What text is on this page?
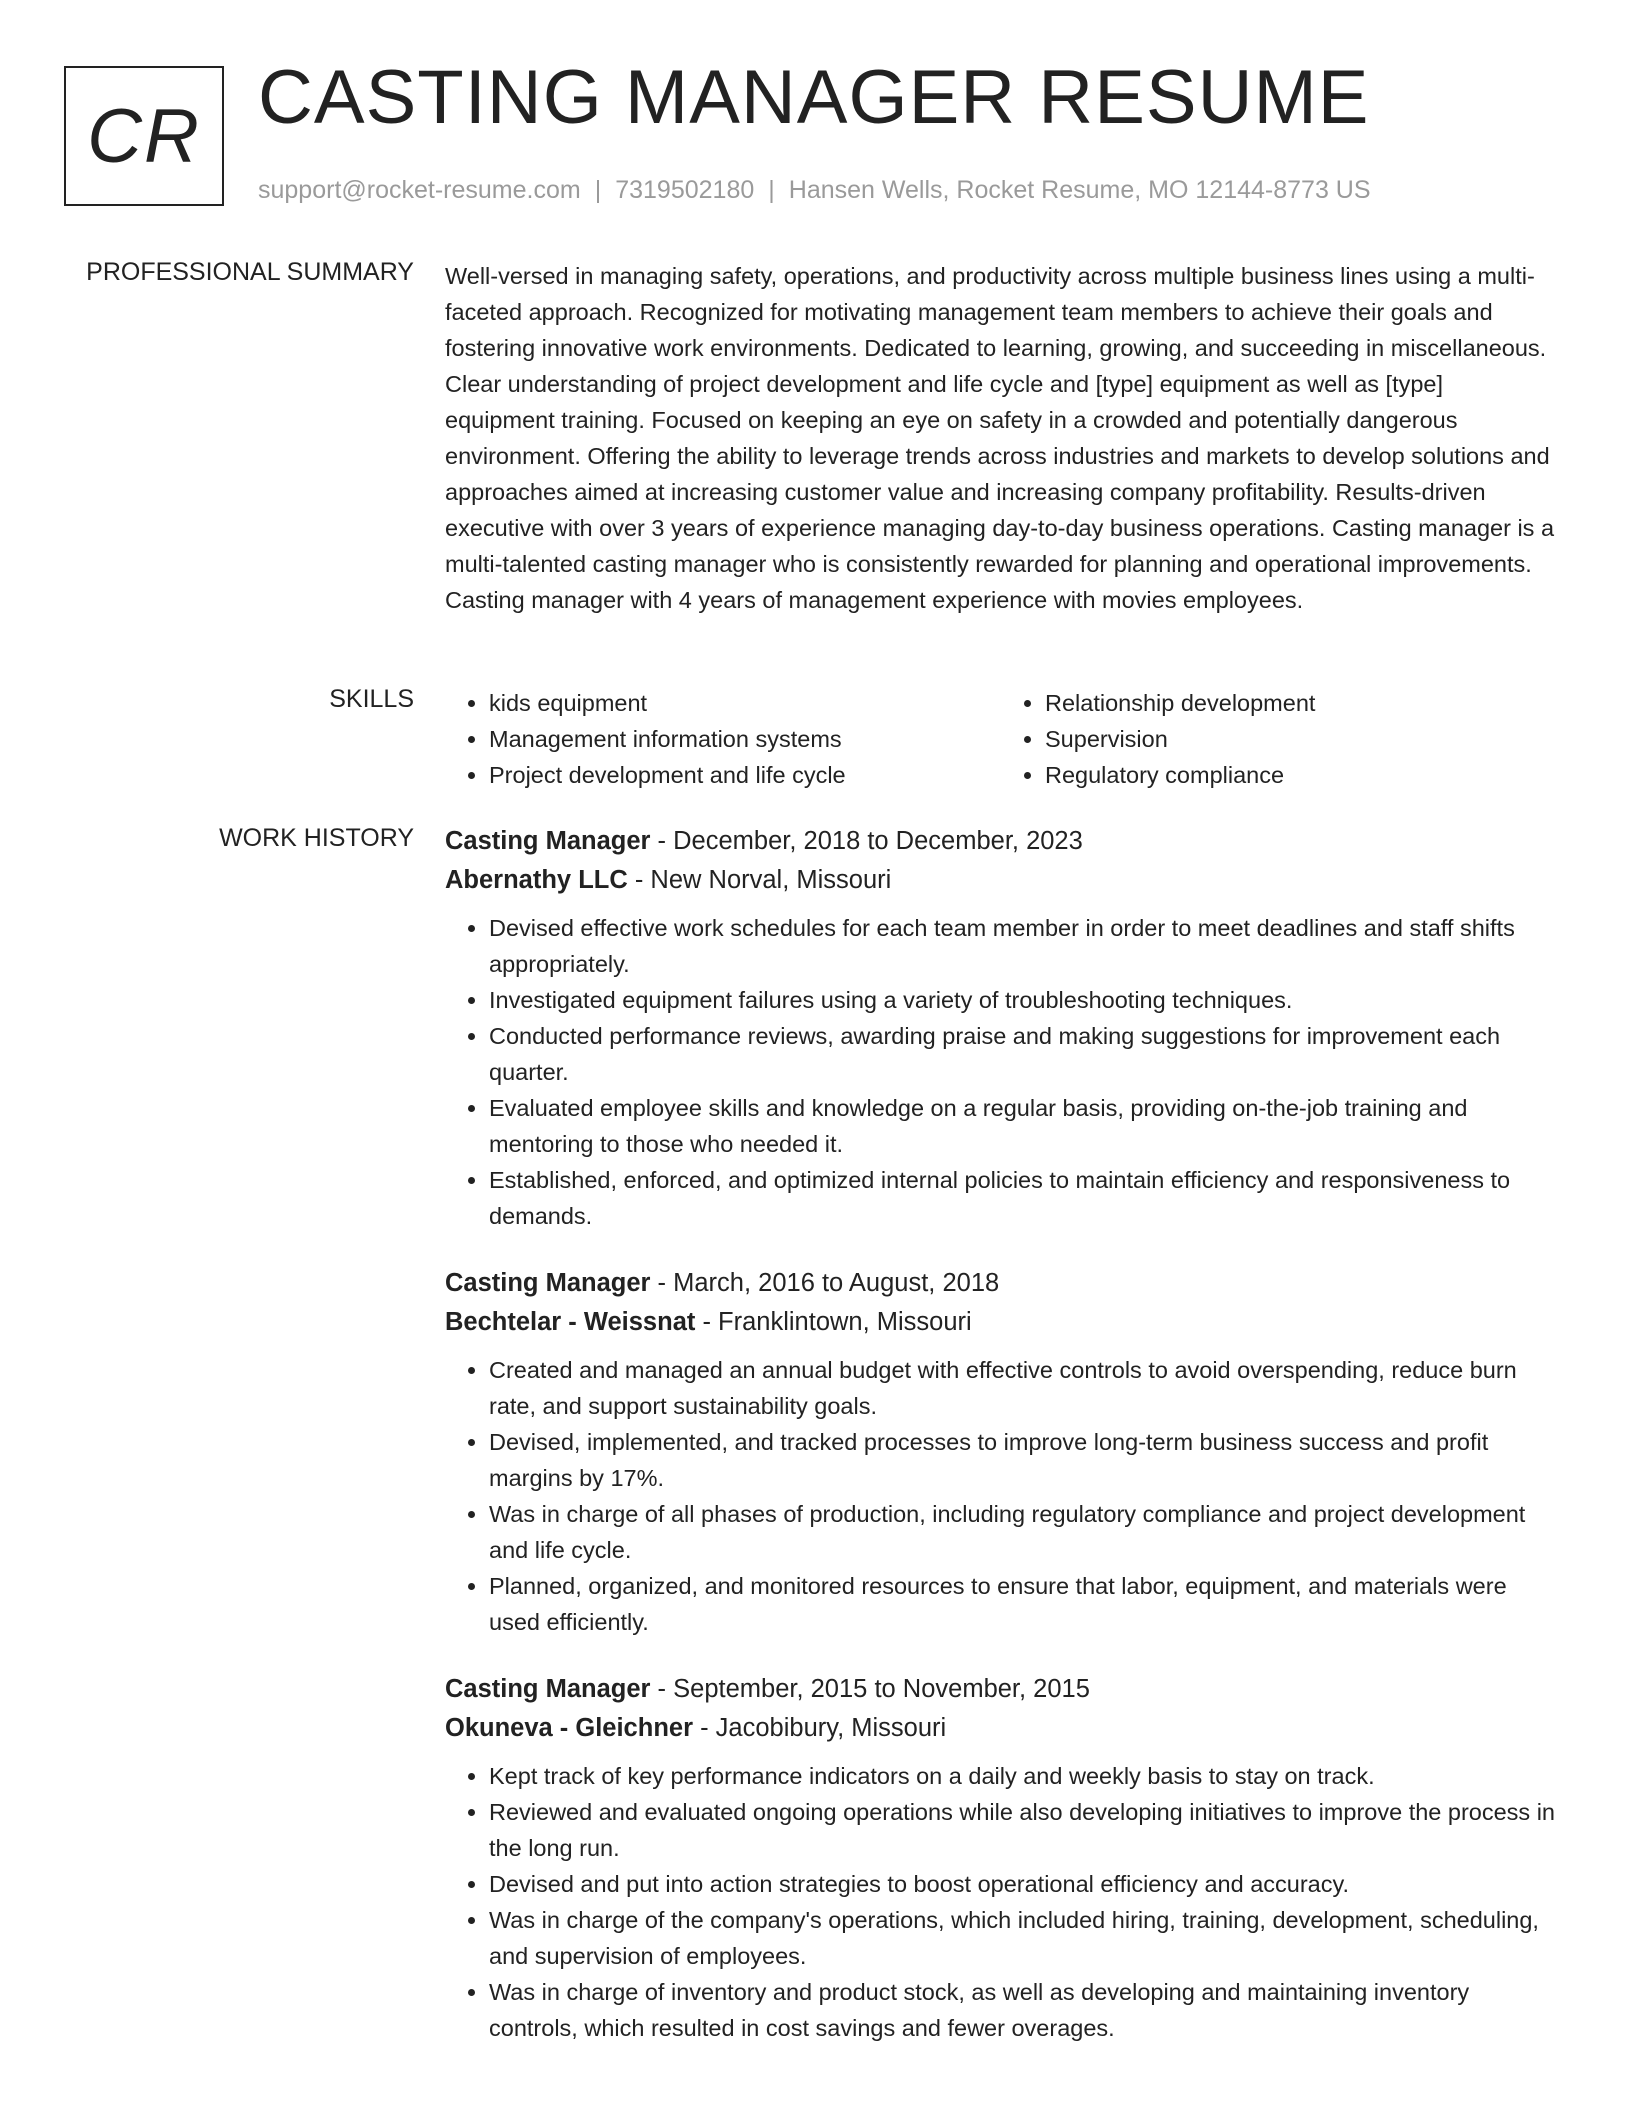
CR CASTING MANAGER RESUME
support@rocket-resume.com | 7319502180 | Hansen Wells, Rocket Resume, MO 12144-8773 US
PROFESSIONAL SUMMARY Well-versed in managing safety, operations, and productivity across multiple business lines using a multi-faceted approach. Recognized for motivating management team members to achieve their goals and fostering innovative work environments. Dedicated to learning, growing, and succeeding in miscellaneous. Clear understanding of project development and life cycle and [type] equipment as well as [type] equipment training. Focused on keeping an eye on safety in a crowded and potentially dangerous environment. Offering the ability to leverage trends across industries and markets to develop solutions and approaches aimed at increasing customer value and increasing company profitability. Results-driven executive with over 3 years of experience managing day-to-day business operations. Casting manager is a multi-talented casting manager who is consistently rewarded for planning and operational improvements. Casting manager with 4 years of management experience with movies employees.

SKILLS
•	kids equipment
• Management information systems
• Project development and life cycle
• Relationship development
• Supervision
• Regulatory compliance
WORK HISTORY Casting Manager - December, 2018 to December, 2023
Abernathy LLC - New Norval, Missouri
• Devised effective work schedules for each team member in order to meet deadlines and staff shifts appropriately.
• Investigated equipment failures using a variety of troubleshooting techniques.
• Conducted performance reviews, awarding praise and making suggestions for improvement each quarter.
• Evaluated employee skills and knowledge on a regular basis, providing on-the-job training and mentoring to those who needed it.
• Established, enforced, and optimized internal policies to maintain efficiency and responsiveness to demands.
Casting Manager - March, 2016 to August, 2018
Bechtelar - Weissnat - Franklintown, Missouri
• Created and managed an annual budget with effective controls to avoid overspending, reduce burn rate, and support sustainability goals.
• Devised, implemented, and tracked processes to improve long-term business success and profit margins by 17%.
• Was in charge of all phases of production, including regulatory compliance and project development and life cycle.
• Planned, organized, and monitored resources to ensure that labor, equipment, and materials were used efficiently.
Casting Manager - September, 2015 to November, 2015
Okuneva - Gleichner - Jacobibury, Missouri
• Kept track of key performance indicators on a daily and weekly basis to stay on track.
• Reviewed and evaluated ongoing operations while also developing initiatives to improve the process in the long run.
• Devised and put into action strategies to boost operational efficiency and accuracy.
• Was in charge of the company's operations, which included hiring, training, development, scheduling, and supervision of employees.
• Was in charge of inventory and product stock, as well as developing and maintaining inventory controls, which resulted in cost savings and fewer overages.
